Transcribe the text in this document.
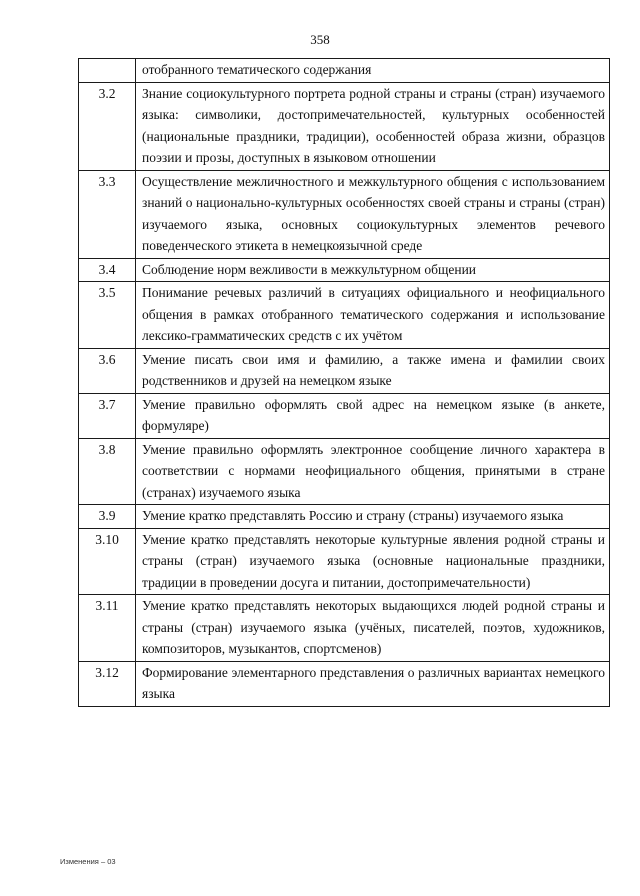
358
	отобранного тематического содержания
3.2	Знание социокультурного портрета родной страны и страны (стран) изучаемого языка: символики, достопримечательностей, культурных особенностей (национальные праздники, традиции), особенностей образа жизни, образцов поэзии и прозы, доступных в языковом отношении
3.3	Осуществление межличностного и межкультурного общения с использованием знаний о национально-культурных особенностях своей страны и страны (стран) изучаемого языка, основных социокультурных элементов речевого поведенческого этикета в немецкоязычной среде
3.4	Соблюдение норм вежливости в межкультурном общении
3.5	Понимание речевых различий в ситуациях официального и неофициального общения в рамках отобранного тематического содержания и использование лексико-грамматических средств с их учётом
3.6	Умение писать свои имя и фамилию, а также имена и фамилии своих родственников и друзей на немецком языке
3.7	Умение правильно оформлять свой адрес на немецком языке (в анкете, формуляре)
3.8	Умение правильно оформлять электронное сообщение личного характера в соответствии с нормами неофициального общения, принятыми в стране (странах) изучаемого языка
3.9	Умение кратко представлять Россию и страну (страны) изучаемого языка
3.10	Умение кратко представлять некоторые культурные явления родной страны и страны (стран) изучаемого языка (основные национальные праздники, традиции в проведении досуга и питании, достопримечательности)
3.11	Умение кратко представлять некоторых выдающихся людей родной страны и страны (стран) изучаемого языка (учёных, писателей, поэтов, художников, композиторов, музыкантов, спортсменов)
3.12	Формирование элементарного представления о различных вариантах немецкого языка
Изменения – 03
